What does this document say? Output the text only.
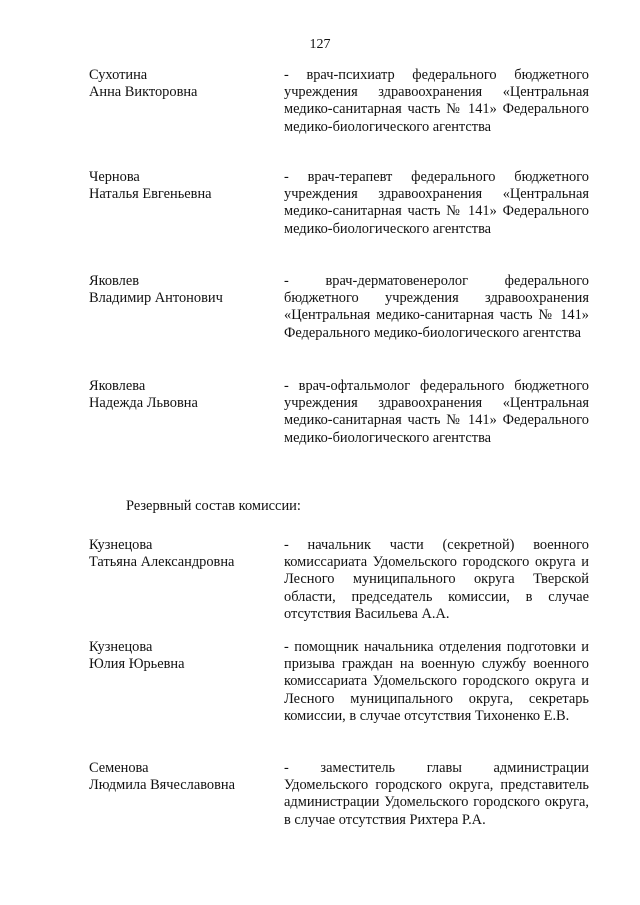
127
Сухотина
Анна Викторовна
- врач-психиатр федерального бюджетного учреждения здравоохранения «Центральная медико-санитарная часть № 141» Федерального медико-биологического агентства
Чернова
Наталья Евгеньевна
- врач-терапевт федерального бюджетного учреждения здравоохранения «Центральная медико-санитарная часть № 141» Федерального медико-биологического агентства
Яковлев
Владимир Антонович
- врач-дерматовенеролог федерального бюджетного учреждения здравоохранения «Центральная медико-санитарная часть № 141» Федерального медико-биологического агентства
Яковлева
Надежда Львовна
- врач-офтальмолог федерального бюджетного учреждения здравоохранения «Центральная медико-санитарная часть № 141» Федерального медико-биологического агентства
Резервный состав комиссии:
Кузнецова
Татьяна Александровна
- начальник части (секретной) военного комиссариата Удомельского городского округа и Лесного муниципального округа Тверской области, председатель комиссии, в случае отсутствия Васильева А.А.
Кузнецова
Юлия Юрьевна
- помощник начальника отделения подготовки и призыва граждан на военную службу военного комиссариата Удомельского городского округа и Лесного муниципального округа, секретарь комиссии, в случае отсутствия Тихоненко Е.В.
Семенова
Людмила Вячеславовна
- заместитель главы администрации Удомельского городского округа, представитель администрации Удомельского городского округа, в случае отсутствия Рихтера Р.А.
